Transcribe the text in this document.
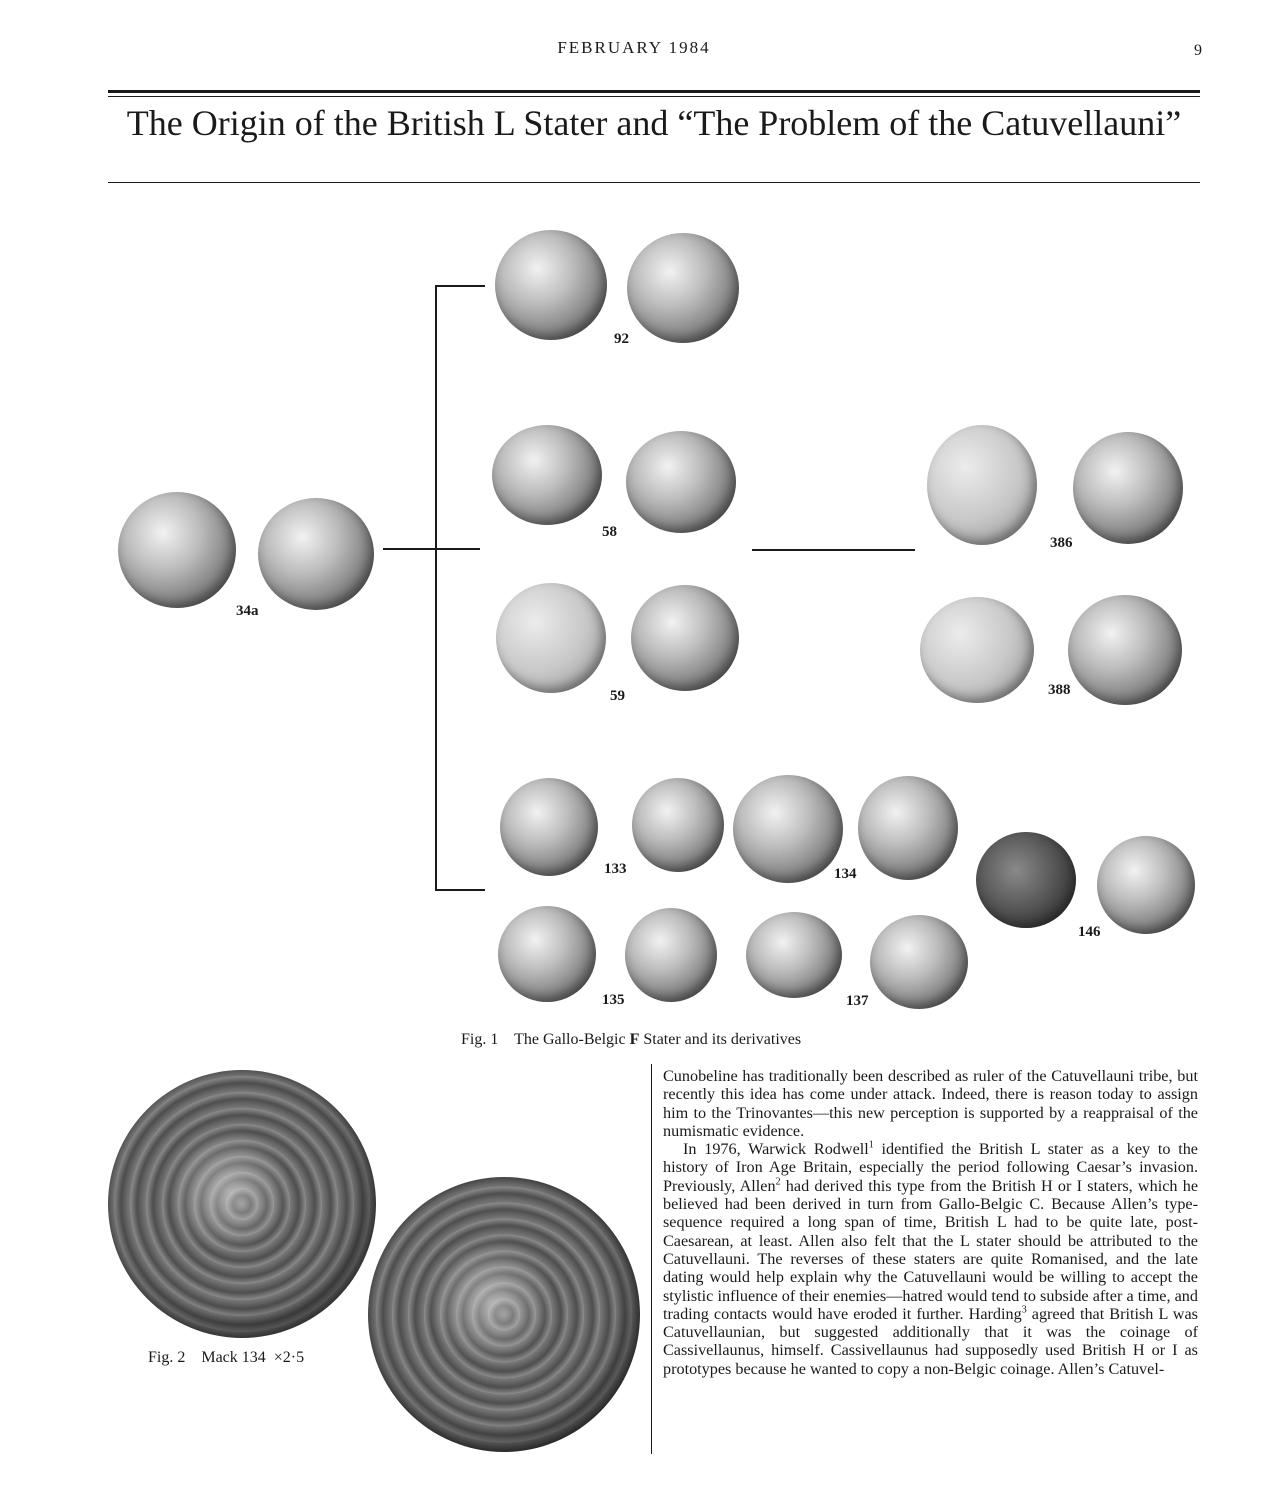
FEBRUARY 1984	9
The Origin of the British L Stater and “The Problem of the Catuvellauni”
34a
92
58
59
386
388
133	134
135	137
146
Fig. 1 The Gallo-Belgic F Stater and its derivatives
Fig. 2    Mack 134  ×2·5

Cunobeline has traditionally been described as ruler of the Catuvellauni tribe, but recently this idea has come under attack. Indeed, there is reason today to assign him to the Trinovantes—this new perception is supported by a reappraisal of the numismatic evidence.

In 1976, Warwick Rodwell$^1$ identified the British L stater as a key to the history of Iron Age Britain, especially the period following Caesar’s invasion. Previously, Allen$^2$ had derived this type from the British H or I staters, which he believed had been derived in turn from Gallo-Belgic C. Because Allen’s type-sequence required a long span of time, British L had to be quite late, post-Caesarean, at least. Allen also felt that the L stater should be attributed to the Catuvellauni. The reverses of these staters are quite Romanised, and the late dating would help explain why the Catuvellauni would be willing to accept the stylistic influence of their enemies—hatred would tend to subside after a time, and trading contacts would have eroded it further. Harding$^3$ agreed that British L was Catuvellaunian, but suggested additionally that it was the coinage of Cassivellaunus, himself. Cassivellaunus had supposedly used British H or I as prototypes because he wanted to copy a non-Belgic coinage. Allen’s Catuvel-
